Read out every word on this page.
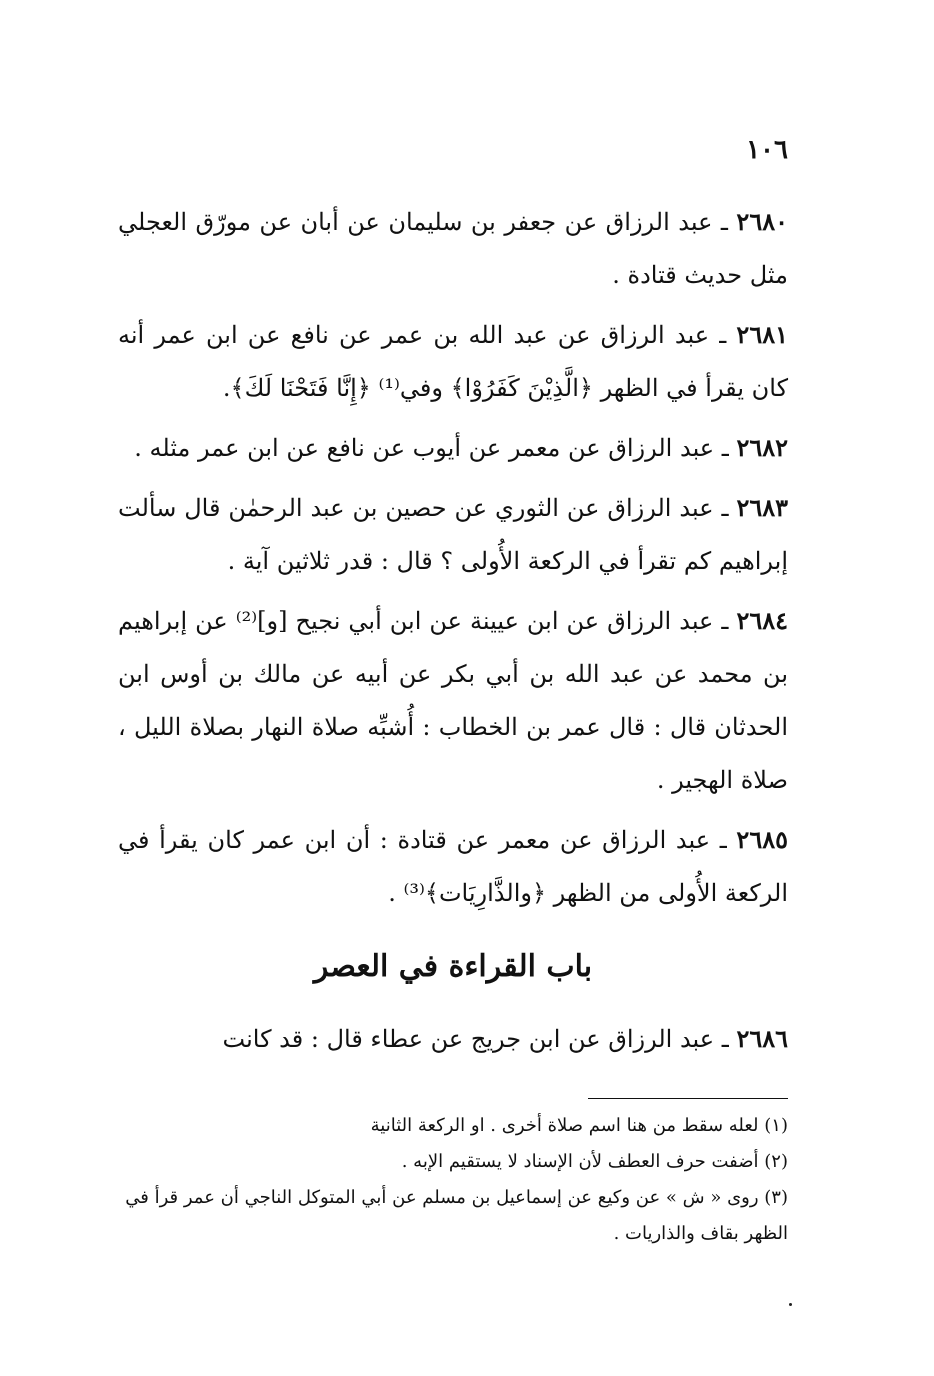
١٠٦

٢٦٨٠ ـ عبد الرزاق عن جعفر بن سليمان عن أبان عن مورّق العجلي مثل حديث قتادة .

٢٦٨١ ـ عبد الرزاق عن عبد الله بن عمر عن نافع عن ابن عمر أنه كان يقرأ في الظهر ﴿الَّذِيْنَ كَفَرُوْا﴾ وفي⁽¹⁾ ﴿إِنَّا فَتَحْنَا لَكَ﴾.

٢٦٨٢ ـ عبد الرزاق عن معمر عن أيوب عن نافع عن ابن عمر مثله .

٢٦٨٣ ـ عبد الرزاق عن الثوري عن حصين بن عبد الرحمٰن قال سألت إبراهيم كم تقرأ في الركعة الأُولى ؟ قال : قدر ثلاثين آية .

٢٦٨٤ ـ عبد الرزاق عن ابن عيينة عن ابن أبي نجيح [و]⁽²⁾ عن إبراهيم بن محمد عن عبد الله بن أبي بكر عن أبيه عن مالك بن أوس ابن الحدثان قال : قال عمر بن الخطاب : أُشبِّه صلاة النهار بصلاة الليل ، صلاة الهجير .

٢٦٨٥ ـ عبد الرزاق عن معمر عن قتادة : أن ابن عمر كان يقرأ في الركعة الأُولى من الظهر ﴿والذَّارِيَات﴾⁽³⁾ .

باب القراءة في العصر

٢٦٨٦ ـ عبد الرزاق عن ابن جريج عن عطاء قال : قد كانت

(١) لعله سقط من هنا اسم صلاة أخرى . او الركعة الثانية

(٢) أضفت حرف العطف لأن الإسناد لا يستقيم الإبه .

(٣) روى « ش » عن وكيع عن إسماعيل بن مسلم عن أبي المتوكل الناجي أن عمر قرأ في الظهر بقاف والذاريات .
